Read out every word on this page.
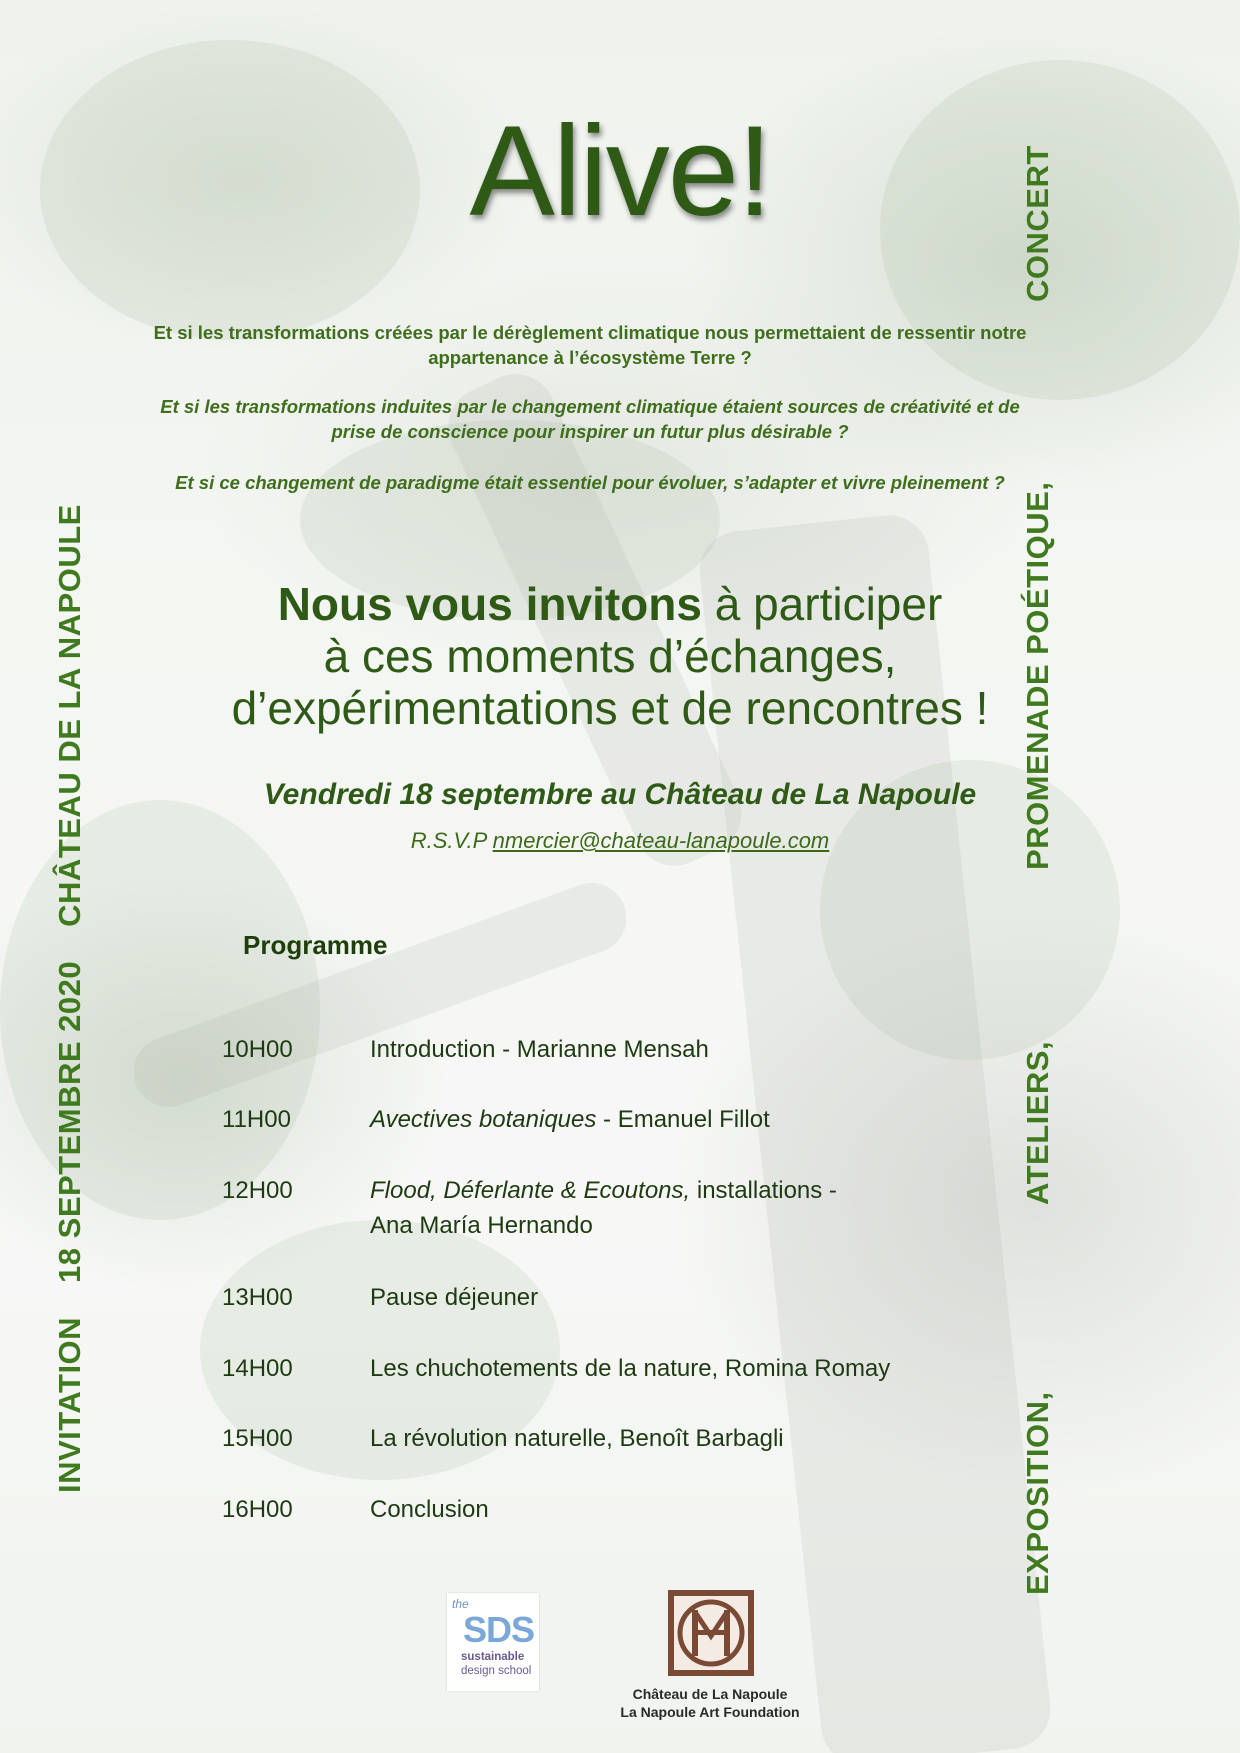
Alive!
Et si les transformations créées par le dérèglement climatique nous permettaient de ressentir notre appartenance à l’écosystème Terre ?
Et si les transformations induites par le changement climatique étaient sources de créativité et de prise de conscience pour inspirer un futur plus désirable ?
Et si ce changement de paradigme était essentiel pour évoluer, s’adapter et vivre pleinement ?
Nous vous invitons à participer
à ces moments d’échanges,
d’expérimentations et de rencontres !
Vendredi 18 septembre au Château de La Napoule
R.S.V.P nmercier@chateau-lanapoule.com
Programme
10H00	Introduction - Marianne Mensah
11H00	Avectives botaniques - Emanuel Fillot
12H00	Flood, Déferlante & Ecoutons, installations -
Ana María Hernando
13H00	Pause déjeuner
14H00	Les chuchotements de la nature, Romina Romay
15H00	La révolution naturelle, Benoît Barbagli
16H00	Conclusion
INVITATION18 SEPTEMBRE 2020CHÂTEAU DE LA NAPOULE
EXPOSITION,
ATELIERS,
PROMENADE POÉTIQUE,
CONCERT
the
SDS
sustainable
design school
Château de La Napoule
La Napoule Art Foundation
